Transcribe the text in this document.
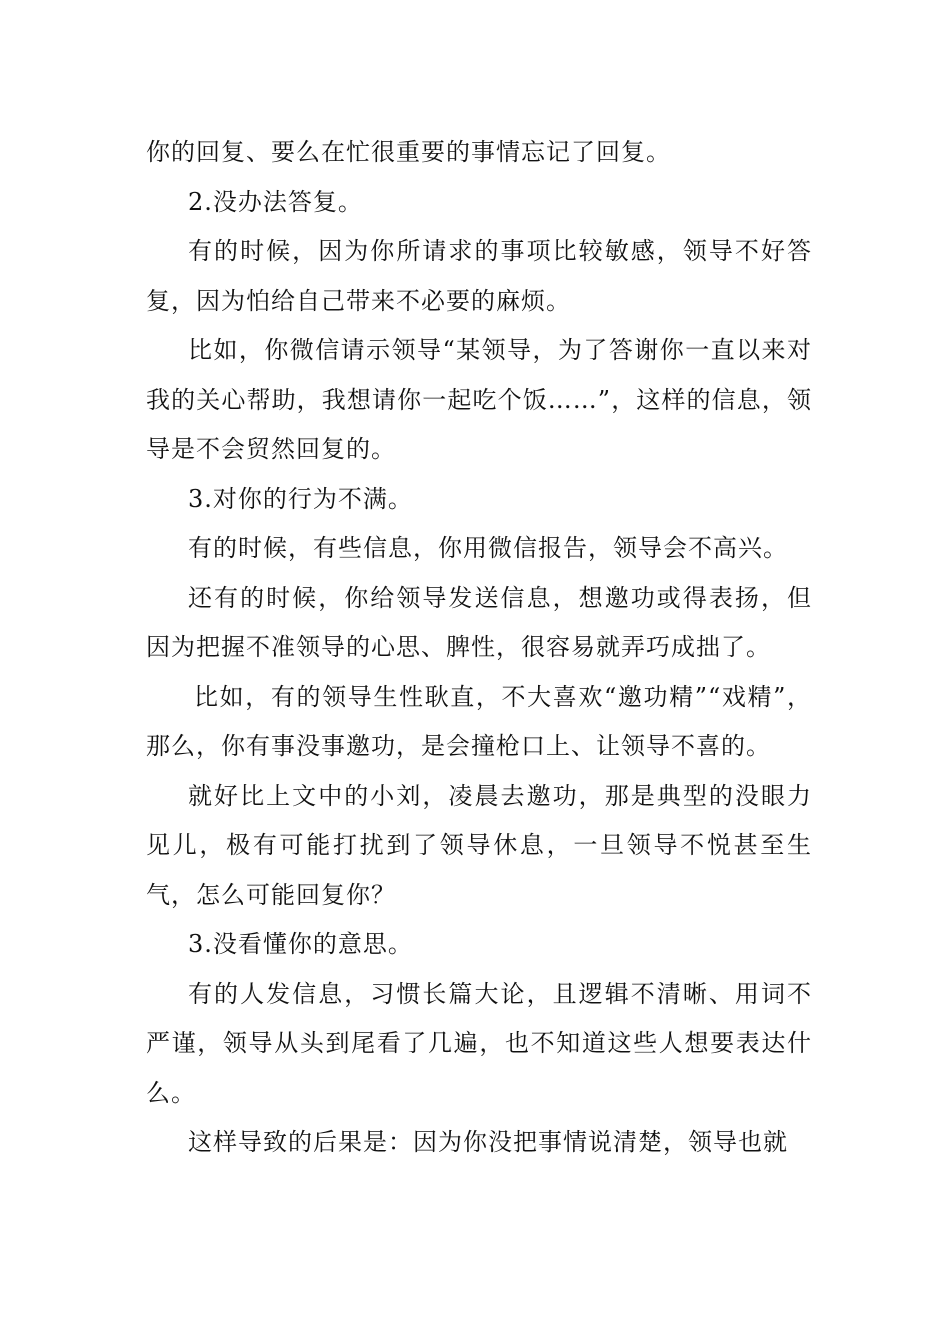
你的回复、要么在忙很重要的事情忘记了回复。

2.没办法答复。

有的时候，因为你所请求的事项比较敏感，领导不好答复，因为怕给自己带来不必要的麻烦。

比如，你微信请示领导“某领导，为了答谢你一直以来对我的关心帮助，我想请你一起吃个饭……”，这样的信息，领导是不会贸然回复的。

3.对你的行为不满。

有的时候，有些信息，你用微信报告，领导会不高兴。

还有的时候，你给领导发送信息，想邀功或得表扬，但因为把握不准领导的心思、脾性，很容易就弄巧成拙了。

比如，有的领导生性耿直，不大喜欢“邀功精”“戏精”，那么，你有事没事邀功，是会撞枪口上、让领导不喜的。

就好比上文中的小刘，凌晨去邀功，那是典型的没眼力见儿，极有可能打扰到了领导休息，一旦领导不悦甚至生气，怎么可能回复你？

3.没看懂你的意思。

有的人发信息，习惯长篇大论，且逻辑不清晰、用词不严谨，领导从头到尾看了几遍，也不知道这些人想要表达什么。

这样导致的后果是：因为你没把事情说清楚，领导也就
